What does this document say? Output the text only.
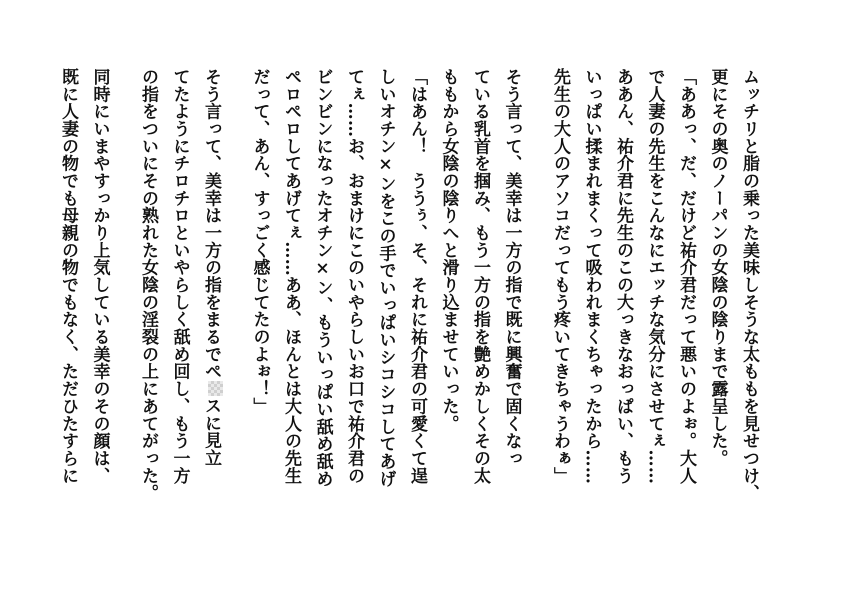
ムッチリと脂の乗った美味しそうな太ももを見せつけ、
更にその奥のノーパンの女陰の陰りまで露呈した。
「ああっ、だ、だけど祐介君だって悪いのよぉ。大人
で人妻の先生をこんなにエッチな気分にさせてぇ……
ああん、祐介君に先生のこの大っきなおっぱい、もう
いっぱい揉まれまくって吸われまくちゃったから……
先生の大人のアソコだってもう疼いてきちゃうわぁ」
そう言って、美幸は一方の指で既に興奮で固くなっ
ている乳首を掴み、もう一方の指を艶めかしくその太
ももから女陰の陰りへと滑り込ませていった。
「はあん！　ううぅ、そ、それに祐介君の可愛くて逞
しいオチン×ンをこの手でいっぱいシコシコしてあげ
てぇ……お、おまけにこのいやらしいお口で祐介君の
ビンビンになったオチン×ン、もういっぱい舐め舐め
ペロペロしてあげてぇ……ああ、ほんとは大人の先生
だって、あん、すっごく感じてたのよぉ！」
そう言って、美幸は一方の指をまるでペスに見立
てたようにチロチロといやらしく舐め回し、もう一方
の指をついにその熟れた女陰の淫裂の上にあてがった。
同時にいまやすっかり上気している美幸のその顔は、
既に人妻の物でも母親の物でもなく、ただひたすらに
